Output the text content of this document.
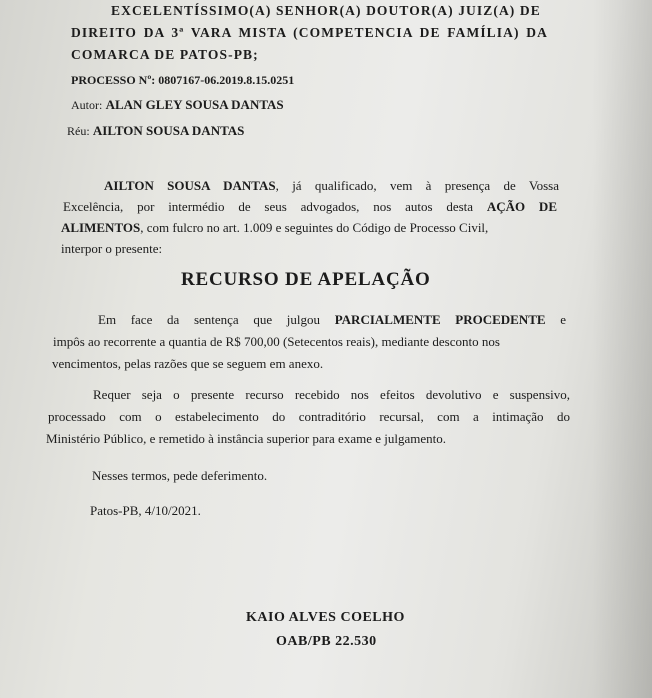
EXCELENTÍSSIMO(A) SENHOR(A) DOUTOR(A) JUIZ(A) DE
DIREITO DA 3ª VARA MISTA (COMPETENCIA DE FAMÍLIA) DA
COMARCA DE PATOS-PB;
PROCESSO Nº: 0807167-06.2019.8.15.0251
Autor: ALAN GLEY SOUSA DANTAS
Réu: AILTON SOUSA DANTAS
AILTON SOUSA DANTAS, já qualificado, vem à presença de Vossa
Excelência, por intermédio de seus advogados, nos autos desta AÇÃO DE
ALIMENTOS, com fulcro no art. 1.009 e seguintes do Código de Processo Civil,
interpor o presente:
RECURSO DE APELAÇÃO
Em face da sentença que julgou PARCIALMENTE PROCEDENTE e
impôs ao recorrente a quantia de R$ 700,00 (Setecentos reais), mediante desconto nos
vencimentos, pelas razões que se seguem em anexo.
Requer seja o presente recurso recebido nos efeitos devolutivo e suspensivo,
processado com o estabelecimento do contraditório recursal, com a intimação do
Ministério Público, e remetido à instância superior para exame e julgamento.
Nesses termos, pede deferimento.
Patos-PB, 4/10/2021.
KAIO ALVES COELHO
OAB/PB 22.530
